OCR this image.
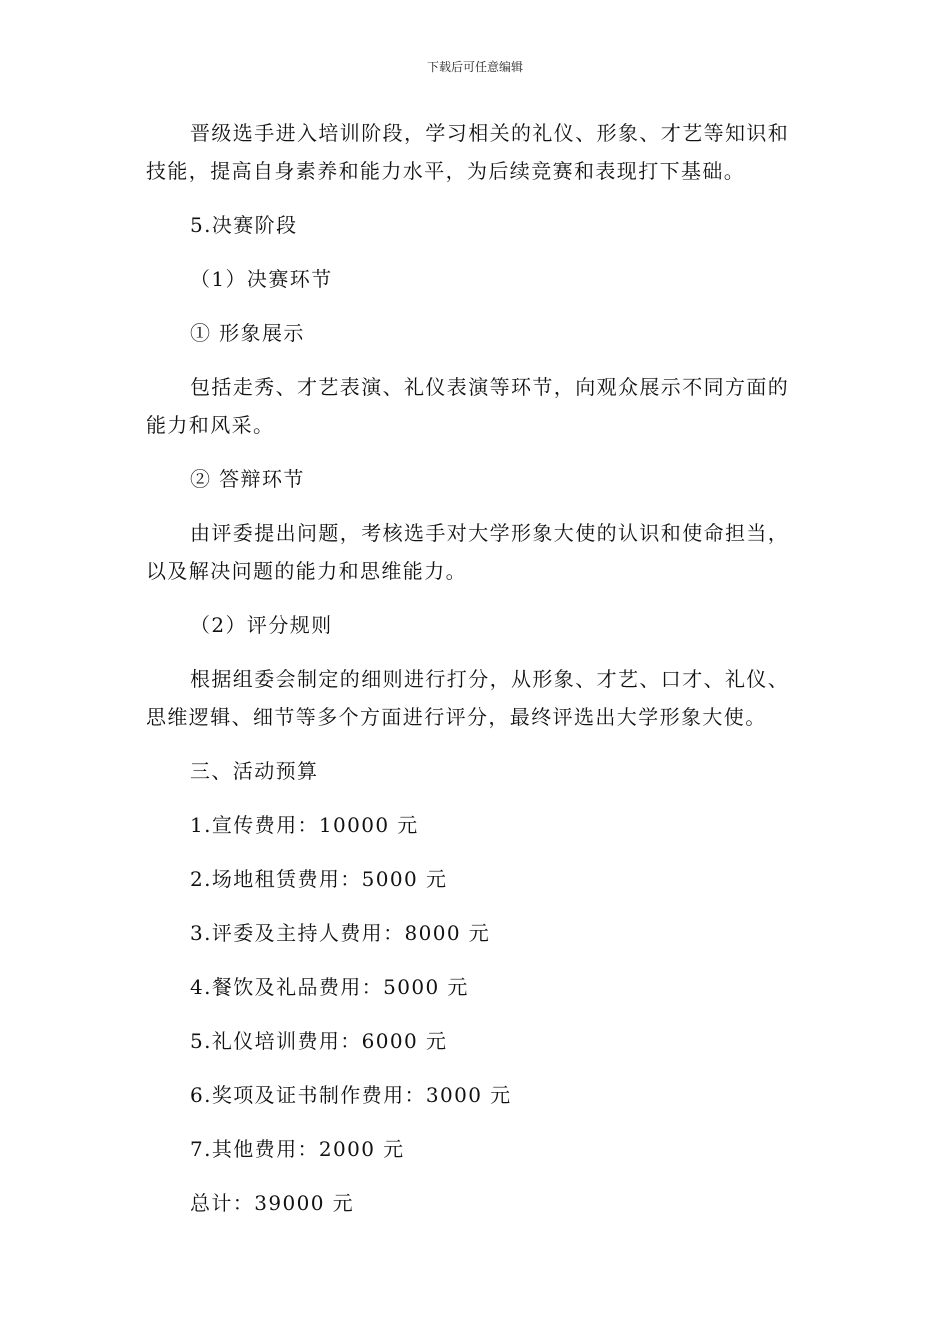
下载后可任意编辑

晋级选手进入培训阶段，学习相关的礼仪、形象、才艺等知识和技能，提高自身素养和能力水平，为后续竞赛和表现打下基础。

5.决赛阶段
（1）决赛环节
① 形象展示

包括走秀、才艺表演、礼仪表演等环节，向观众展示不同方面的能力和风采。

② 答辩环节

由评委提出问题，考核选手对大学形象大使的认识和使命担当，以及解决问题的能力和思维能力。

（2）评分规则

根据组委会制定的细则进行打分，从形象、才艺、口才、礼仪、思维逻辑、细节等多个方面进行评分，最终评选出大学形象大使。

三、活动预算
1.宣传费用：10000 元
2.场地租赁费用：5000 元
3.评委及主持人费用：8000 元
4.餐饮及礼品费用：5000 元
5.礼仪培训费用：6000 元
6.奖项及证书制作费用：3000 元
7.其他费用：2000 元
总计：39000 元
